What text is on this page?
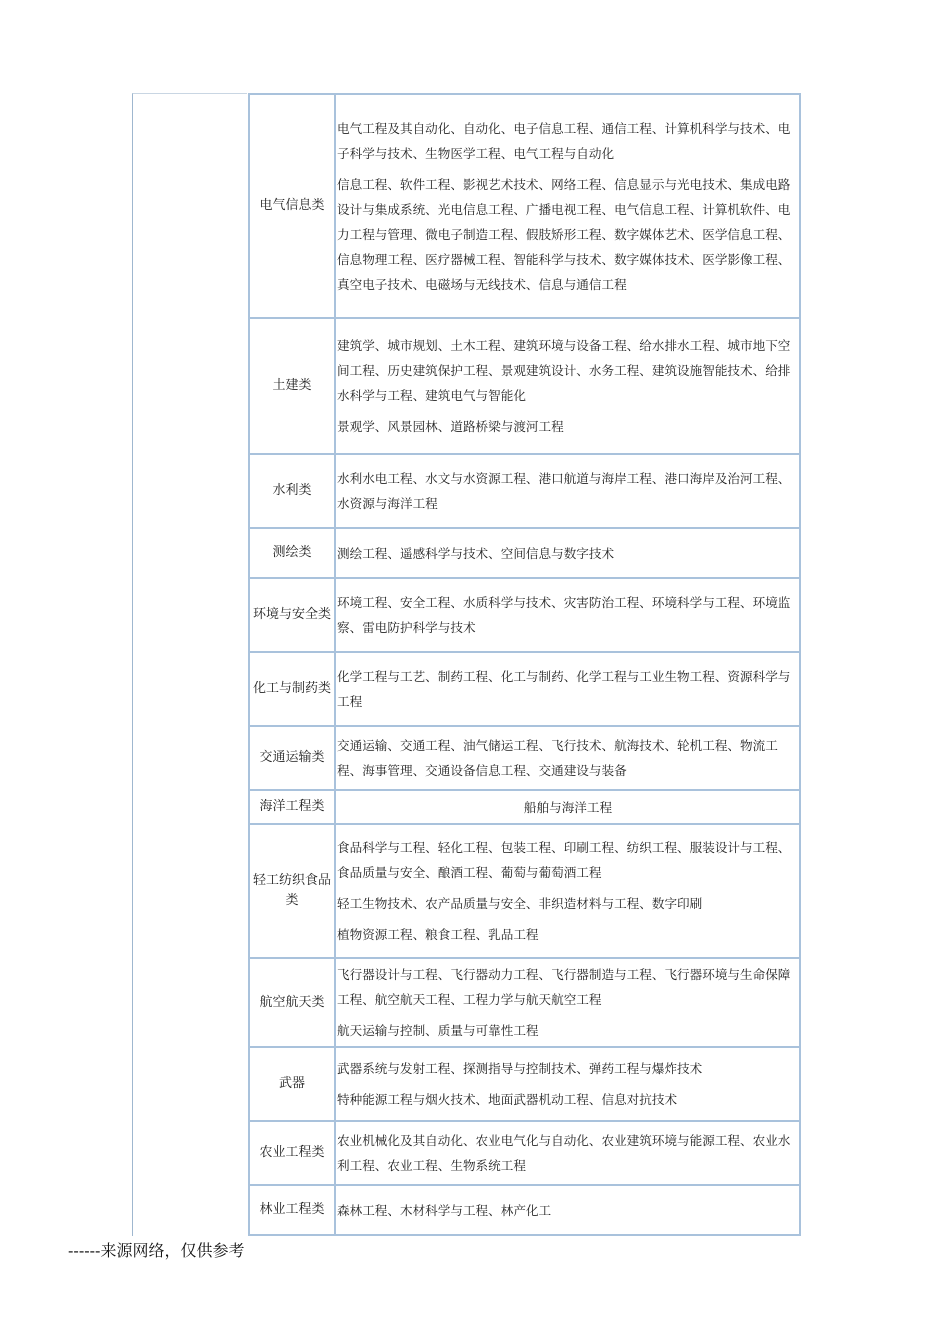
电气信息类	电气工程及其自动化、自动化、电子信息工程、通信工程、计算机科学与技术、电子科学与技术、生物医学工程、电气工程与自动化

信息工程、软件工程、影视艺术技术、网络工程、信息显示与光电技术、集成电路设计与集成系统、光电信息工程、广播电视工程、电气信息工程、计算机软件、电力工程与管理、微电子制造工程、假肢矫形工程、数字媒体艺术、医学信息工程、信息物理工程、医疗器械工程、智能科学与技术、数字媒体技术、医学影像工程、真空电子技术、电磁场与无线技术、信息与通信工程

土建类	建筑学、城市规划、土木工程、建筑环境与设备工程、给水排水工程、城市地下空间工程、历史建筑保护工程、景观建筑设计、水务工程、建筑设施智能技术、给排水科学与工程、建筑电气与智能化

景观学、风景园林、道路桥梁与渡河工程

水利类	水利水电工程、水文与水资源工程、港口航道与海岸工程、港口海岸及治河工程、水资源与海洋工程

测绘类	测绘工程、遥感科学与技术、空间信息与数字技术

环境与安全类	环境工程、安全工程、水质科学与技术、灾害防治工程、环境科学与工程、环境监察、雷电防护科学与技术

化工与制药类	化学工程与工艺、制药工程、化工与制药、化学工程与工业生物工程、资源科学与工程

交通运输类	交通运输、交通工程、油气储运工程、飞行技术、航海技术、轮机工程、物流工程、海事管理、交通设备信息工程、交通建设与装备

海洋工程类	船舶与海洋工程

轻工纺织食品类	食品科学与工程、轻化工程、包装工程、印刷工程、纺织工程、服装设计与工程、食品质量与安全、酿酒工程、葡萄与葡萄酒工程

轻工生物技术、农产品质量与安全、非织造材料与工程、数字印刷

植物资源工程、粮食工程、乳品工程

航空航天类	飞行器设计与工程、飞行器动力工程、飞行器制造与工程、飞行器环境与生命保障工程、航空航天工程、工程力学与航天航空工程

航天运输与控制、质量与可靠性工程

武器	武器系统与发射工程、探测指导与控制技术、弹药工程与爆炸技术

特种能源工程与烟火技术、地面武器机动工程、信息对抗技术

农业工程类	农业机械化及其自动化、农业电气化与自动化、农业建筑环境与能源工程、农业水利工程、农业工程、生物系统工程

林业工程类	森林工程、木材科学与工程、林产化工

------来源网络，仅供参考
